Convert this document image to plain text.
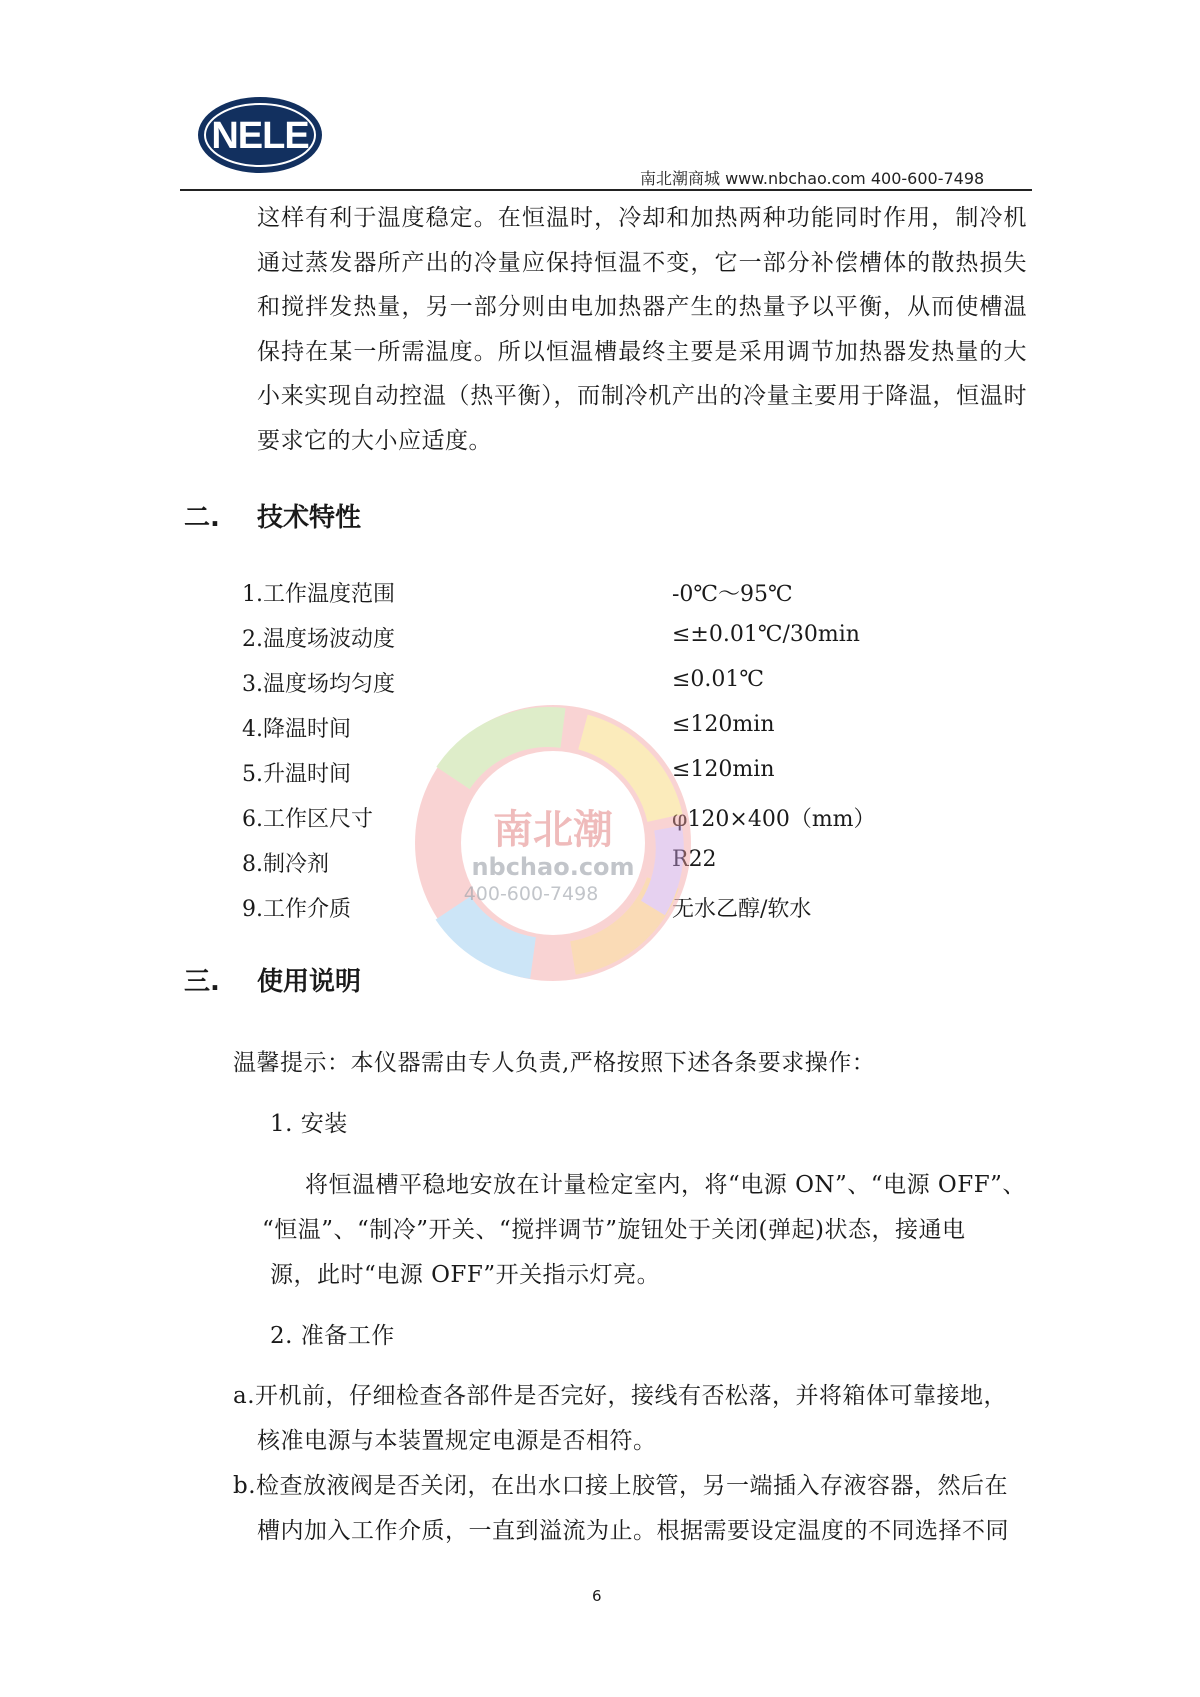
NELE
南北潮商城 www.nbchao.com 400-600-7498
这样有利于温度稳定。在恒温时，冷却和加热两种功能同时作用，制冷机通过蒸发器所产出的冷量应保持恒温不变，它一部分补偿槽体的散热损失和搅拌发热量，另一部分则由电加热器产生的热量予以平衡，从而使槽温保持在某一所需温度。所以恒温槽最终主要是采用调节加热器发热量的大小来实现自动控温（热平衡），而制冷机产出的冷量主要用于降温，恒温时要求它的大小应适度。
二. 技术特性
1.工作温度范围	-0℃～95℃
2.温度场波动度	≤±0.01℃/30min
3.温度场均匀度	≤0.01℃
4.降温时间	≤120min
5.升温时间	≤120min
6.工作区尺寸	φ120×400（mm）
8.制冷剂	R22
9.工作介质	无水乙醇/软水
三. 使用说明
温馨提示：本仪器需由专人负责,严格按照下述各条要求操作：
1. 安装
将恒温槽平稳地安放在计量检定室内，将“电源 ON”、“电源 OFF”、
“恒温”、“制冷”开关、“搅拌调节”旋钮处于关闭(弹起)状态，接通电
源，此时“电源 OFF”开关指示灯亮。
2. 准备工作
a.开机前，仔细检查各部件是否完好，接线有否松落，并将箱体可靠接地，
核准电源与本装置规定电源是否相符。
b.检查放液阀是否关闭，在出水口接上胶管，另一端插入存液容器，然后在
槽内加入工作介质，一直到溢流为止。根据需要设定温度的不同选择不同
南北潮
nbchao.com
400-600-7498
6
